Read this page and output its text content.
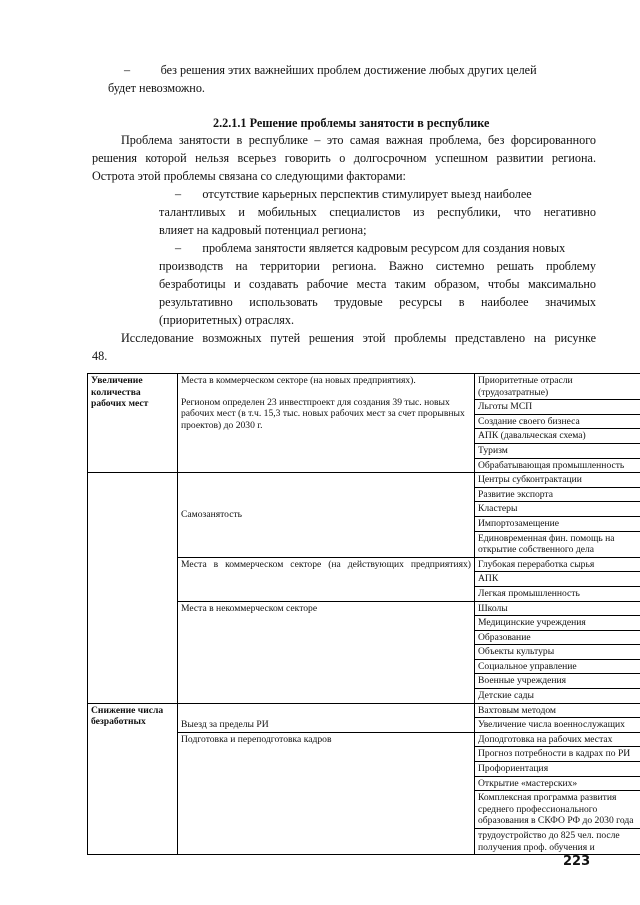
–          без решения этих важнейших проблем достижение любых других целей
будет невозможно.
2.2.1.1 Решение проблемы занятости в республике
Проблема занятости в республике – это самая важная проблема, без форсированного
решения которой нельзя всерьез говорить о долгосрочном успешном развитии региона.
Острота этой проблемы связана со следующими факторами:
–       отсутствие карьерных перспектив стимулирует выезд наиболее
талантливых и мобильных специалистов из республики, что негативно
влияет на кадровый потенциал региона;
–       проблема занятости является кадровым ресурсом для создания новых
производств на территории региона. Важно системно решать проблему
безработицы и создавать рабочие места таким образом, чтобы максимально
результативно использовать трудовые ресурсы в наиболее значимых
(приоритетных) отраслях.
Исследование возможных путей решения этой проблемы представлено на рисунке
48.
Увеличение количества рабочих мест	Места в коммерческом секторе (на новых предприятиях).
Регионом определен 23 инвестпроект для создания 39 тыс. новых рабочих мест (в т.ч. 15,3 тыс. новых рабочих мест за счет прорывных проектов) до 2030 г.	Приоритетные отрасли (трудозатратные)
		Льготы МСП
		Создание своего бизнеса
		АПК (давальческая схема)
		Туризм
		Обрабатывающая промышленность
	Самозанятость	Центры субконтрактации
		Развитие экспорта
		Кластеры
		Импортозамещение
		Единовременная фин. помощь на открытие собственного дела
	Места в коммерческом секторе (на действующих предприятиях)	Глубокая переработка сырья
		АПК
		Легкая промышленность
	Места в некоммерческом секторе	Школы
		Медицинские учреждения
		Образование
		Объекты культуры
		Социальное управление
		Военные учреждения
		Детские сады
Снижение числа безработных	Выезд за пределы РИ	Вахтовым методом
		Увеличение числа военнослужащих
	Подготовка и переподготовка кадров	Доподготовка на рабочих местах
		Прогноз потребности в кадрах по РИ
		Профориентация
		Открытие «мастерских»
		Комплексная программа развития среднего профессионального образования в СКФО РФ до 2030 года
		трудоустройство до 825 чел. после получения проф. обучения и
223
